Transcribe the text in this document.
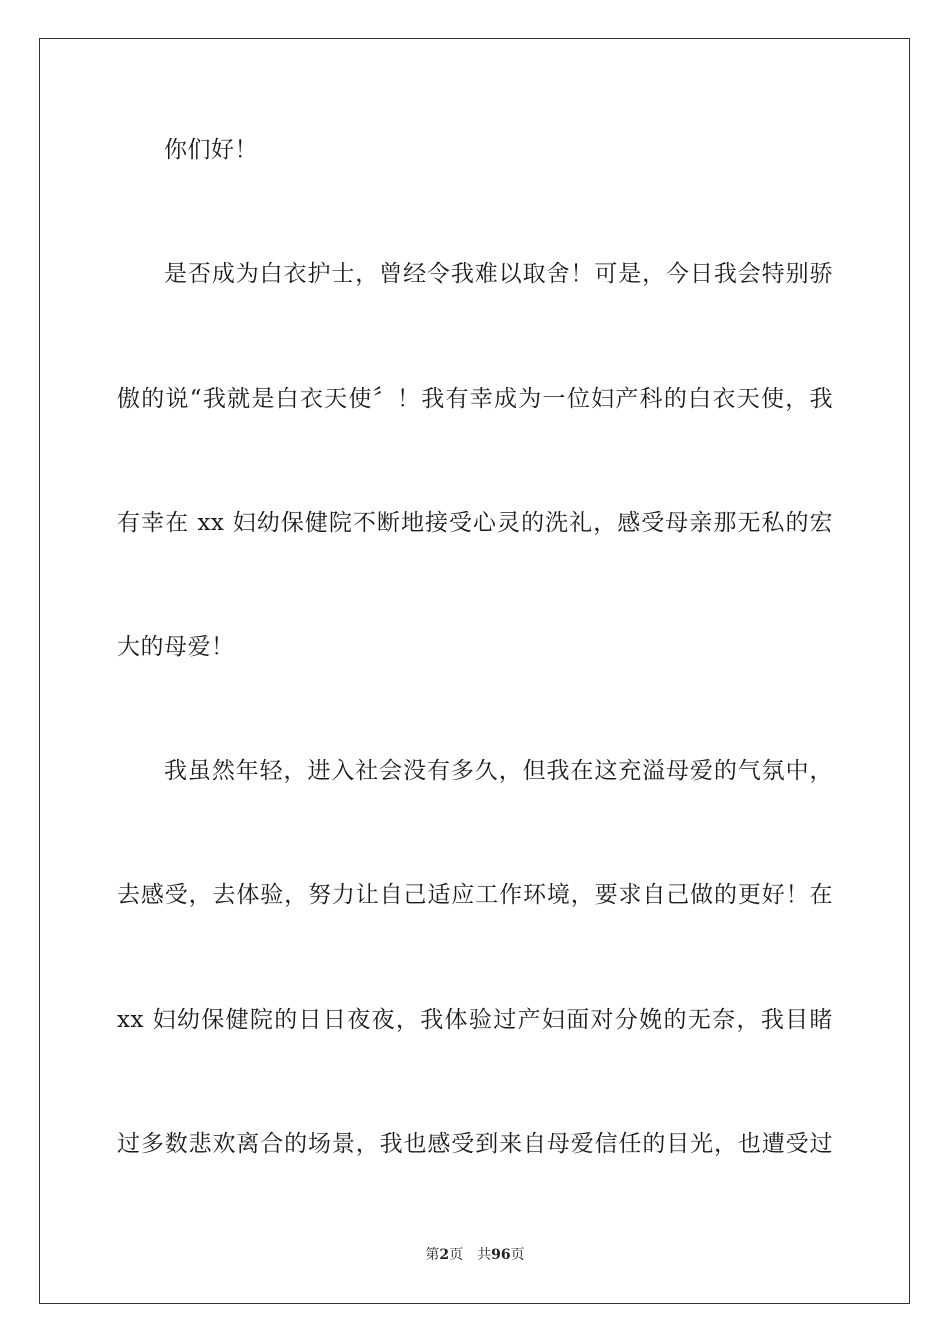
你们好！
是否成为白衣护士，曾经令我难以取舍！可是，今日我会特别骄
傲的说“我就是白衣天使〞！我有幸成为一位妇产科的白衣天使，我
有幸在 xx 妇幼保健院不断地接受心灵的洗礼，感受母亲那无私的宏
大的母爱！
我虽然年轻，进入社会没有多久，但我在这充溢母爱的气氛中，
去感受，去体验，努力让自己适应工作环境，要求自己做的更好！在
xx 妇幼保健院的日日夜夜，我体验过产妇面对分娩的无奈，我目睹
过多数悲欢离合的场景，我也感受到来自母爱信任的目光，也遭受过
第2页 共96页
